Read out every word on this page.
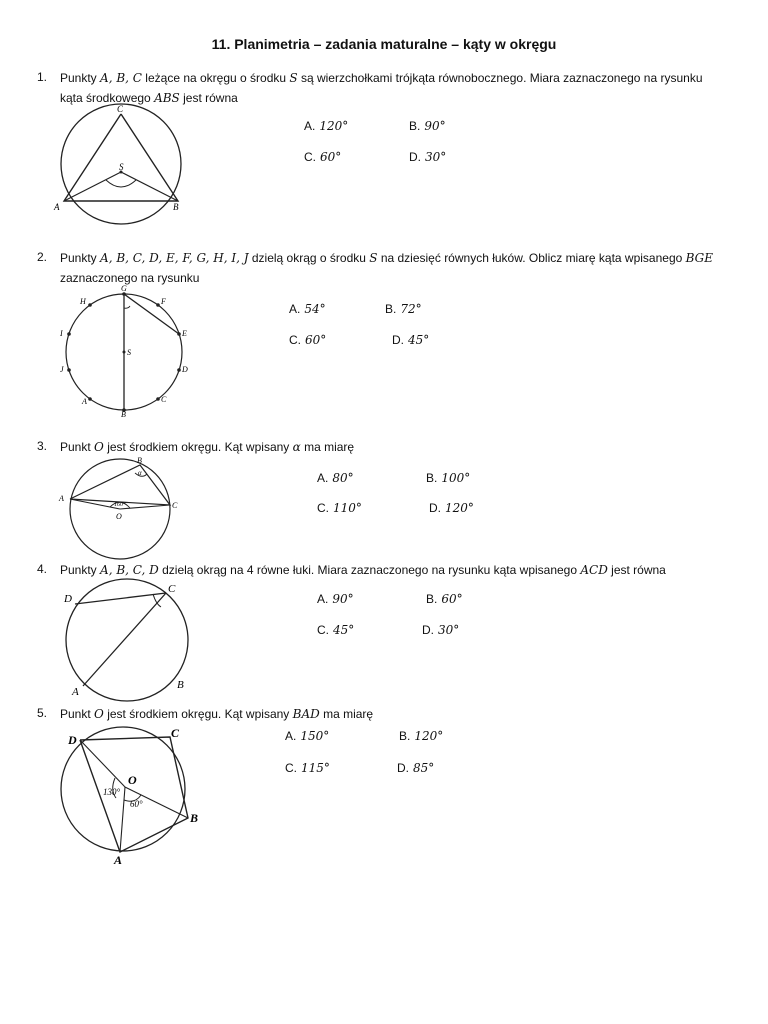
11. Planimetria – zadania maturalne – kąty w okręgu
1. Punkty A, B, C leżące na okręgu o środku S są wierzchołkami trójkąta równobocznego. Miara zaznaczonego na rysunku kąta środkowego ABS jest równa
A. 120°	B. 90°
C. 60°	D. 30°
C
S
A	B
2. Punkty A, B, C, D, E, F, G, H, I, J dzielą okrąg o środku S na dziesięć równych łuków. Oblicz miarę kąta wpisanego BGE zaznaczonego na rysunku
A. 54°	B. 72°
C. 60°	D. 45°
G
F
H
E
I
S
J	D
A	C
B
3. Punkt O jest środkiem okręgu. Kąt wpisany α ma miarę
A. 80°	B. 100°
C. 110°	D. 120°
B
α
A
C
160°
O
4. Punkty A, B, C, D dzielą okrąg na 4 równe łuki. Miara zaznaczonego na rysunku kąta wpisanego ACD jest równa
A. 90°	B. 60°
C. 45°	D. 30°
D
C
A
B
5. Punkt O jest środkiem okręgu. Kąt wpisany BAD ma miarę
A. 150°	B. 120°
C. 115°	D. 85°
D	C
O
130°
60°
B
A
